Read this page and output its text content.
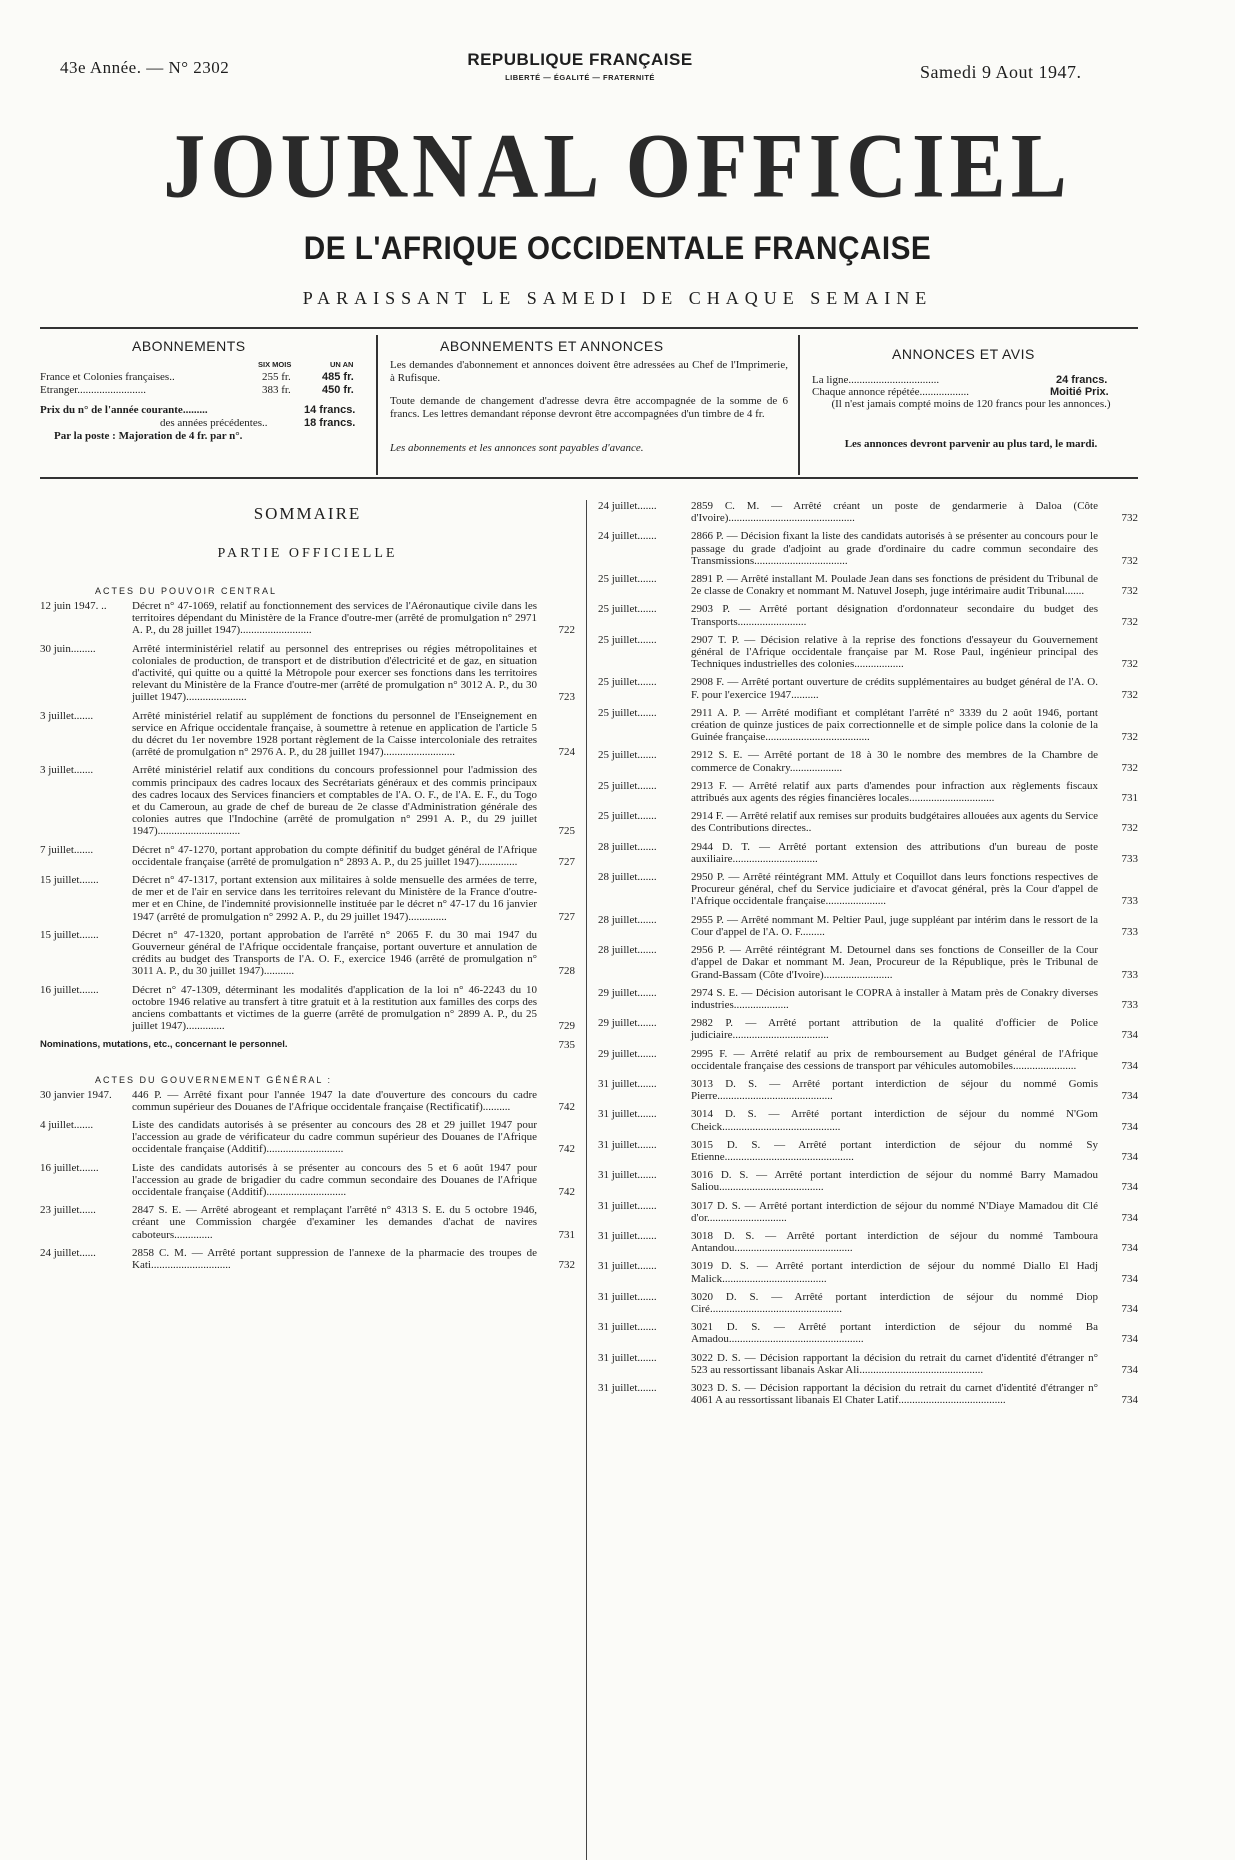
43e Année. — N° 2302	REPUBLIQUE FRANÇAISE
LIBERTÉ — ÉGALITÉ — FRATERNITÉ	Samedi 9 Aout 1947.
JOURNAL OFFICIEL
DE L'AFRIQUE OCCIDENTALE FRANÇAISE
PARAISSANT LE SAMEDI DE CHAQUE SEMAINE
ABONNEMENTS
SIX MOIS	UN AN
France et Colonies françaises..	255 fr.	485 fr.
Etranger.........................	383 fr.	450 fr.
Prix du n° de l'année courante.........	14 francs.
des années précédentes..	18 francs.
Par la poste : Majoration de 4 fr. par n°.
ABONNEMENTS ET ANNONCES
Les demandes d'abonnement et annonces doivent être adressées au Chef de l'Imprimerie, à Rufisque.
Toute demande de changement d'adresse devra être accompagnée de la somme de 6 francs. Les lettres demandant réponse devront être accompagnées d'un timbre de 4 fr.
Les abonnements et les annonces sont payables d'avance.
ANNONCES ET AVIS
La ligne.................................	24 francs.
Chaque annonce répétée..................	Moitié Prix.
(Il n'est jamais compté moins de 120 francs pour les annonces.)
Les annonces devront parvenir au plus tard, le mardi.
SOMMAIRE
PARTIE OFFICIELLE
ACTES DU POUVOIR CENTRAL
12 juin 1947. ..	Décret n° 47-1069, relatif au fonctionnement des services de l'Aéronautique civile dans les territoires dépendant du Ministère de la France d'outre-mer (arrêté de promulgation n° 2971 A. P., du 28 juillet 1947)..........................	722
30 juin.........	Arrêté interministériel relatif au personnel des entreprises ou régies métropolitaines et coloniales de production, de transport et de distribution d'électricité et de gaz, en situation d'activité, qui quitte ou a quitté la Métropole pour exercer ses fonctions dans les territoires relevant du Ministère de la France d'outre-mer (arrêté de promulgation n° 3012 A. P., du 30 juillet 1947)......................	723
3 juillet.......	Arrêté ministériel relatif au supplément de fonctions du personnel de l'Enseignement en service en Afrique occidentale française, à soumettre à retenue en application de l'article 5 du décret du 1er novembre 1928 portant règlement de la Caisse intercoloniale des retraites (arrêté de promulgation n° 2976 A. P., du 28 juillet 1947)..........................	724
3 juillet.......	Arrêté ministériel relatif aux conditions du concours professionnel pour l'admission des commis principaux des cadres locaux des Secrétariats généraux et des commis principaux des cadres locaux des Services financiers et comptables de l'A. O. F., de l'A. E. F., du Togo et du Cameroun, au grade de chef de bureau de 2e classe d'Administration générale des colonies autres que l'Indochine (arrêté de promulgation n° 2991 A. P., du 29 juillet 1947)..............................	725
7 juillet.......	Décret n° 47-1270, portant approbation du compte définitif du budget général de l'Afrique occidentale française (arrêté de promulgation n° 2893 A. P., du 25 juillet 1947)..............	727
15 juillet.......	Décret n° 47-1317, portant extension aux militaires à solde mensuelle des armées de terre, de mer et de l'air en service dans les territoires relevant du Ministère de la France d'outre-mer et en Chine, de l'indemnité provisionnelle instituée par le décret n° 47-17 du 16 janvier 1947 (arrêté de promulgation n° 2992 A. P., du 29 juillet 1947)..............	727
15 juillet.......	Décret n° 47-1320, portant approbation de l'arrêté n° 2065 F. du 30 mai 1947 du Gouverneur général de l'Afrique occidentale française, portant ouverture et annulation de crédits au budget des Transports de l'A. O. F., exercice 1946 (arrêté de promulgation n° 3011 A. P., du 30 juillet 1947)...........	728
16 juillet.......	Décret n° 47-1309, déterminant les modalités d'application de la loi n° 46-2243 du 10 octobre 1946 relative au transfert à titre gratuit et à la restitution aux familles des corps des anciens combattants et victimes de la guerre (arrêté de promulgation n° 2899 A. P., du 25 juillet 1947)..............	729
Nominations, mutations, etc., concernant le personnel.	735
ACTES DU GOUVERNEMENT GÉNÉRAL :
30 janvier 1947.	446 P. — Arrêté fixant pour l'année 1947 la date d'ouverture des concours du cadre commun supérieur des Douanes de l'Afrique occidentale française (Rectificatif)..........	742
4 juillet.......	Liste des candidats autorisés à se présenter au concours des 28 et 29 juillet 1947 pour l'accession au grade de vérificateur du cadre commun supérieur des Douanes de l'Afrique occidentale française (Additif)............................	742
16 juillet.......	Liste des candidats autorisés à se présenter au concours des 5 et 6 août 1947 pour l'accession au grade de brigadier du cadre commun secondaire des Douanes de l'Afrique occidentale française (Additif).............................	742
23 juillet......	2847 S. E. — Arrêté abrogeant et remplaçant l'arrêté n° 4313 S. E. du 5 octobre 1946, créant une Commission chargée d'examiner les demandes d'achat de navires caboteurs..............	731
24 juillet......	2858 C. M. — Arrêté portant suppression de l'annexe de la pharmacie des troupes de Kati.............................	732
24 juillet.......	2859 C. M. — Arrêté créant un poste de gendarmerie à Daloa (Côte d'Ivoire)..............................................	732
24 juillet.......	2866 P. — Décision fixant la liste des candidats autorisés à se présenter au concours pour le passage du grade d'adjoint au grade d'ordinaire du cadre commun secondaire des Transmissions..................................	732
25 juillet.......	2891 P. — Arrêté installant M. Poulade Jean dans ses fonctions de président du Tribunal de 2e classe de Conakry et nommant M. Natuvel Joseph, juge intérimaire audit Tribunal.......	732
25 juillet.......	2903 P. — Arrêté portant désignation d'ordonnateur secondaire du budget des Transports.........................	732
25 juillet.......	2907 T. P. — Décision relative à la reprise des fonctions d'essayeur du Gouvernement général de l'Afrique occidentale française par M. Rose Paul, ingénieur principal des Techniques industrielles des colonies..................	732
25 juillet.......	2908 F. — Arrêté portant ouverture de crédits supplémentaires au budget général de l'A. O. F. pour l'exercice 1947..........	732
25 juillet.......	2911 A. P. — Arrêté modifiant et complétant l'arrêté n° 3339 du 2 août 1946, portant création de quinze justices de paix correctionnelle et de simple police dans la colonie de la Guinée française......................................	732
25 juillet.......	2912 S. E. — Arrêté portant de 18 à 30 le nombre des membres de la Chambre de commerce de Conakry...................	732
25 juillet.......	2913 F. — Arrêté relatif aux parts d'amendes pour infraction aux règlements fiscaux attribués aux agents des régies financières locales...............................	731
25 juillet.......	2914 F. — Arrêté relatif aux remises sur produits budgétaires allouées aux agents du Service des Contributions directes..	732
28 juillet.......	2944 D. T. — Arrêté portant extension des attributions d'un bureau de poste auxiliaire...............................	733
28 juillet.......	2950 P. — Arrêté réintégrant MM. Attuly et Coquillot dans leurs fonctions respectives de Procureur général, chef du Service judiciaire et d'avocat général, près la Cour d'appel de l'Afrique occidentale française......................	733
28 juillet.......	2955 P. — Arrêté nommant M. Peltier Paul, juge suppléant par intérim dans le ressort de la Cour d'appel de l'A. O. F.........	733
28 juillet.......	2956 P. — Arrêté réintégrant M. Detournel dans ses fonctions de Conseiller de la Cour d'appel de Dakar et nommant M. Jean, Procureur de la République, près le Tribunal de Grand-Bassam (Côte d'Ivoire).........................	733
29 juillet.......	2974 S. E. — Décision autorisant le COPRA à installer à Matam près de Conakry diverses industries....................	733
29 juillet.......	2982 P. — Arrêté portant attribution de la qualité d'officier de Police judiciaire...................................	734
29 juillet.......	2995 F. — Arrêté relatif au prix de remboursement au Budget général de l'Afrique occidentale française des cessions de transport par véhicules automobiles.......................	734
31 juillet.......	3013 D. S. — Arrêté portant interdiction de séjour du nommé Gomis Pierre..........................................	734
31 juillet.......	3014 D. S. — Arrêté portant interdiction de séjour du nommé N'Gom Cheick...........................................	734
31 juillet.......	3015 D. S. — Arrêté portant interdiction de séjour du nommé Sy Etienne...............................................	734
31 juillet.......	3016 D. S. — Arrêté portant interdiction de séjour du nommé Barry Mamadou Saliou......................................	734
31 juillet.......	3017 D. S. — Arrêté portant interdiction de séjour du nommé N'Diaye Mamadou dit Clé d'or.............................	734
31 juillet.......	3018 D. S. — Arrêté portant interdiction de séjour du nommé Tamboura Antandou...........................................	734
31 juillet.......	3019 D. S. — Arrêté portant interdiction de séjour du nommé Diallo El Hadj Malick......................................	734
31 juillet.......	3020 D. S. — Arrêté portant interdiction de séjour du nommé Diop Ciré................................................	734
31 juillet.......	3021 D. S. — Arrêté portant interdiction de séjour du nommé Ba Amadou.................................................	734
31 juillet.......	3022 D. S. — Décision rapportant la décision du retrait du carnet d'identité d'étranger n° 523 au ressortissant libanais Askar Ali.............................................	734
31 juillet.......	3023 D. S. — Décision rapportant la décision du retrait du carnet d'identité d'étranger n° 4061 A au ressortissant libanais El Chater Latif.......................................	734
